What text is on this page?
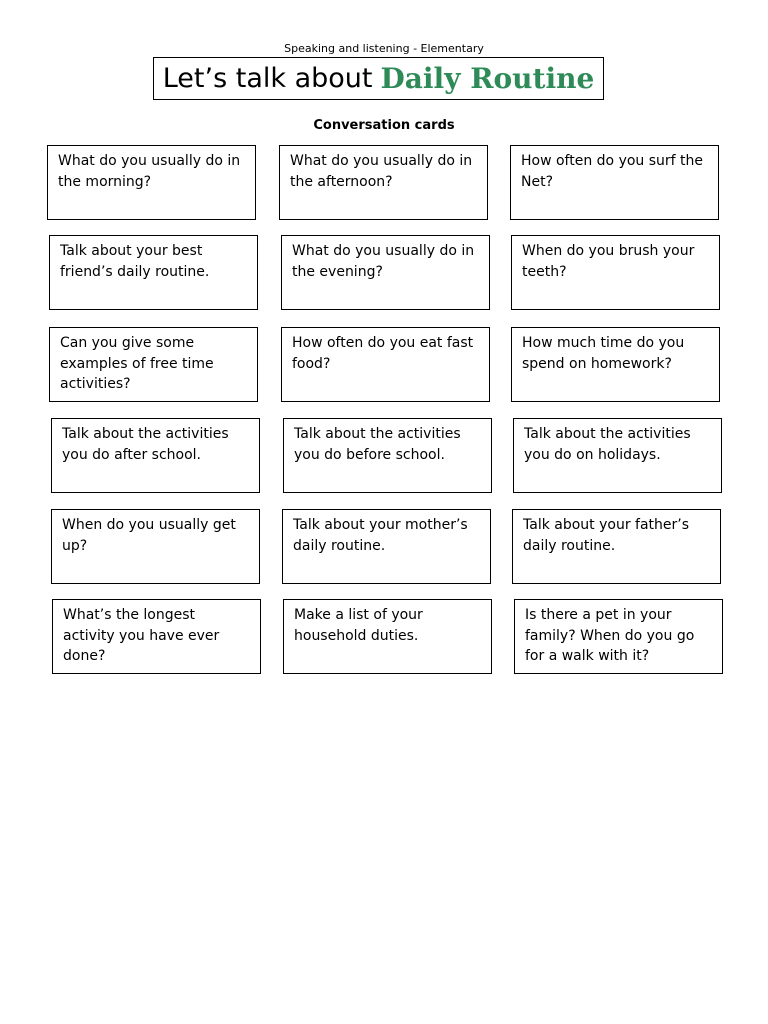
Speaking and listening - Elementary
Let’s talk about Daily Routine
Conversation cards
What do you usually do in the morning?
What do you usually do in the afternoon?
How often do you surf the Net?
Talk about your best friend’s daily routine.
What do you usually do in the evening?
When do you brush your teeth?
Can you give some examples of free time activities?
How often do you eat fast food?
How much time do you spend on homework?
Talk about the activities you do after school.
Talk about the activities you do before school.
Talk about the activities you do on holidays.
When do you usually get up?
Talk about your mother’s daily routine.
Talk about your father’s daily routine.
What’s the longest activity you have ever done?
Make a list of your household duties.
Is there a pet in your family? When do you go for a walk with it?
